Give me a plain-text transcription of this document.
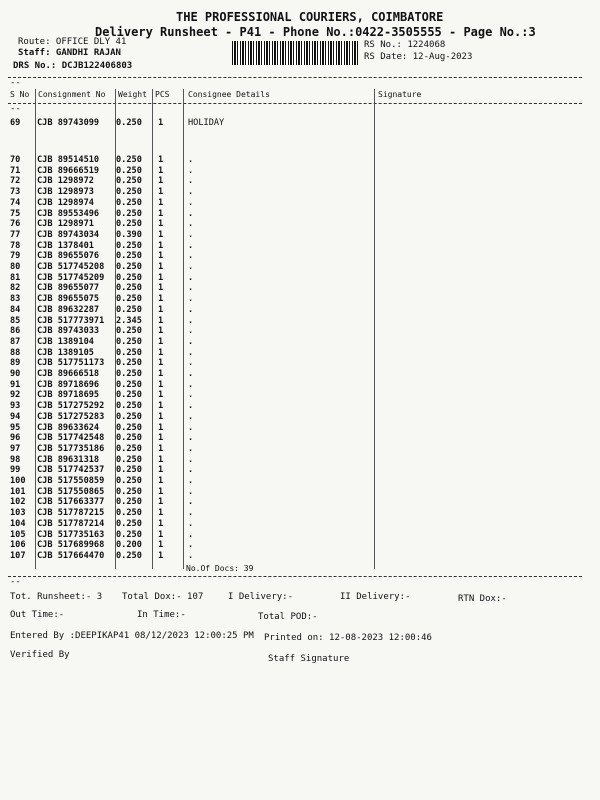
THE PROFESSIONAL COURIERS, COIMBATORE
Delivery Runsheet - P41 - Phone No.:0422-3505555 - Page No.:3
Route: OFFICE DLY 41
Staff: GANDHI RAJAN
DRS No.: DCJB122406803
RS No.: 1224068
RS Date: 12-Aug-2023
--
S No Consignment No Weight PCS Consignee Details	Signature
--
69 CJB 89743099 0.250 1	HOLIDAY
70 CJB 89514510 0.250 1	.
71 CJB 89666519 0.250 1	.
72 CJB 1298972	0.250 1	.
73 CJB 1298973	0.250 1	.
74 CJB 1298974	0.250 1	.
75 CJB 89553496 0.250 1	.
76 CJB 1298971	0.250 1	.
77 CJB 89743034 0.390 1	.
78 CJB 1378401	0.250 1	.
79 CJB 89655076 0.250 1	.
80 CJB 517745208 0.250 1	.
81 CJB 517745209 0.250 1	.
82 CJB 89655077 0.250 1	.
83 CJB 89655075 0.250 1	.
84 CJB 89632287 0.250 1	.
85 CJB 517773971 2.345 1	.
86 CJB 89743033 0.250 1	.
87 CJB 1389104	0.250 1	.
88 CJB 1389105	0.250 1	.
89 CJB 517751173 0.250 1	.
90 CJB 89666518 0.250 1	.
91 CJB 89718696 0.250 1	.
92 CJB 89718695 0.250 1	.
93 CJB 517275292 0.250 1	.
94 CJB 517275283 0.250 1	.
95 CJB 89633624 0.250 1	.
96 CJB 517742548 0.250 1	.
97 CJB 517735186 0.250 1	.
98 CJB 89631318 0.250 1	.
99 CJB 517742537 0.250 1	.
100 CJB 517550859 0.250 1	.
101 CJB 517550865 0.250 1	.
102 CJB 517663377 0.250 1	.
103 CJB 517787215 0.250 1	.
104 CJB 517787214 0.250 1	.
105 CJB 517735163 0.250 1	.
106 CJB 517689968 0.200 1	.
107 CJB 517664470 0.250 1	.
No.Of Docs: 39
--
Tot. Runsheet:- 3 Total Dox:- 107	I Delivery:-	II Delivery:-	RTN Dox:-
Out Time:-	In Time:-	Total POD:-
Entered By :DEEPIKAP41 08/12/2023 12:00:25 PM Printed on: 12-08-2023 12:00:46
Verified By	Staff Signature
